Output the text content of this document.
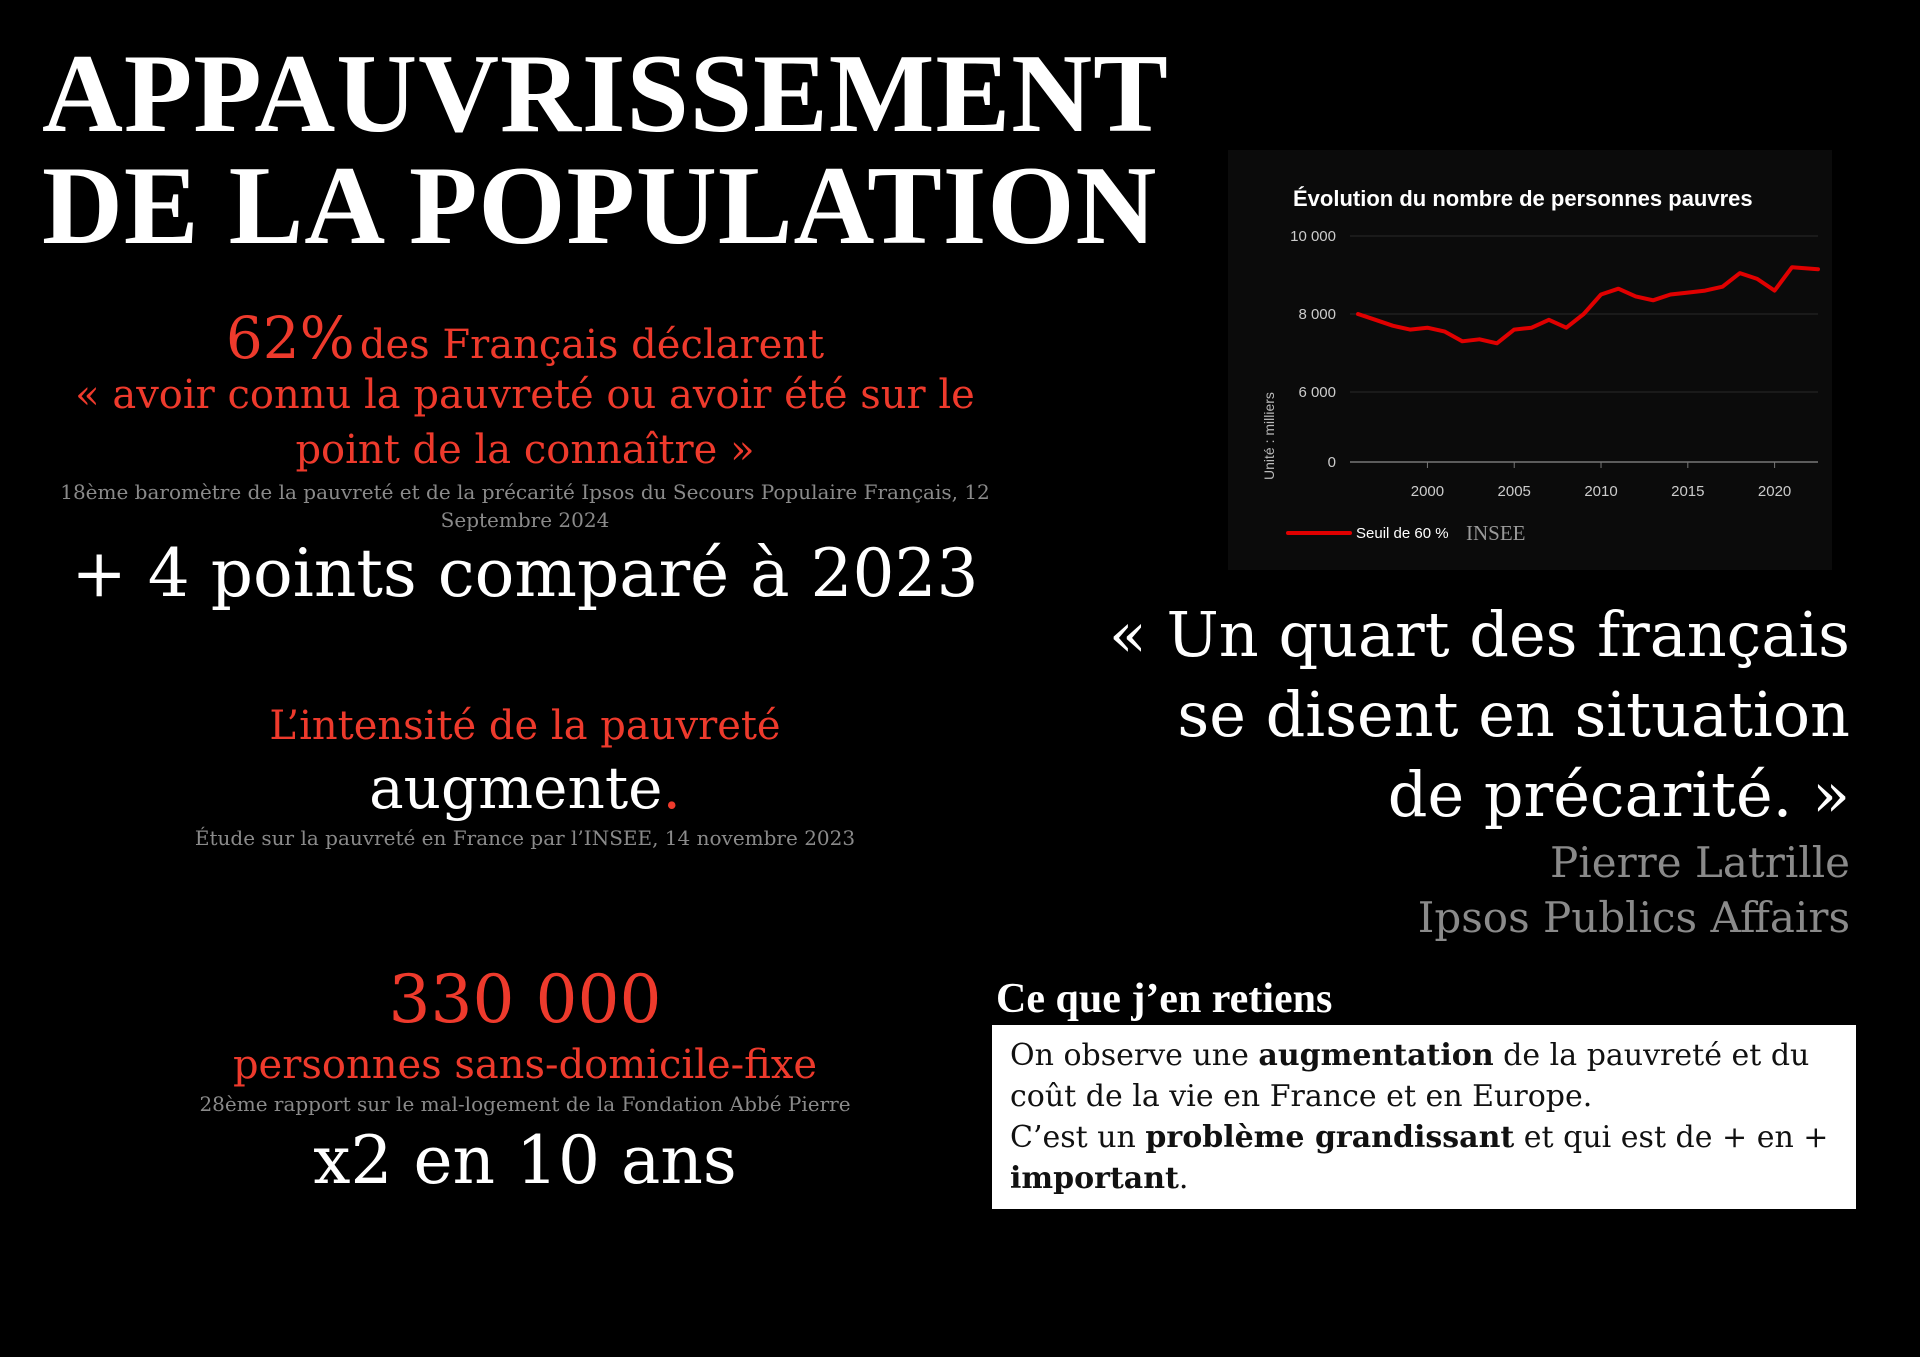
APPAUVRISSEMENT
DE LA POPULATION
62% des Français déclarent
« avoir connu la pauvreté ou avoir été sur le point de la connaître »
18ème baromètre de la pauvreté et de la précarité Ipsos du Secours Populaire Français, 12 Septembre 2024
+ 4 points comparé à 2023
L’intensité de la pauvreté
augmente.
Étude sur la pauvreté en France par l’INSEE, 14 novembre 2023
330 000
personnes sans-domicile-fixe
28ème rapport sur le mal-logement de la Fondation Abbé Pierre
x2 en 10 ans
Évolution du nombre de personnes pauvres
0
6 000
8 000
10 000
2000	2005	2010	2015	2020
Unité : milliers
Seuil de 60 % INSEE
« Un quart des français
se disent en situation
de précarité. »
Pierre Latrille
Ipsos Publics Affairs
Ce que j’en retiens
On observe une augmentation de la pauvreté et du coût de la vie en France et en Europe.
C’est un problème grandissant et qui est de + en + important.
